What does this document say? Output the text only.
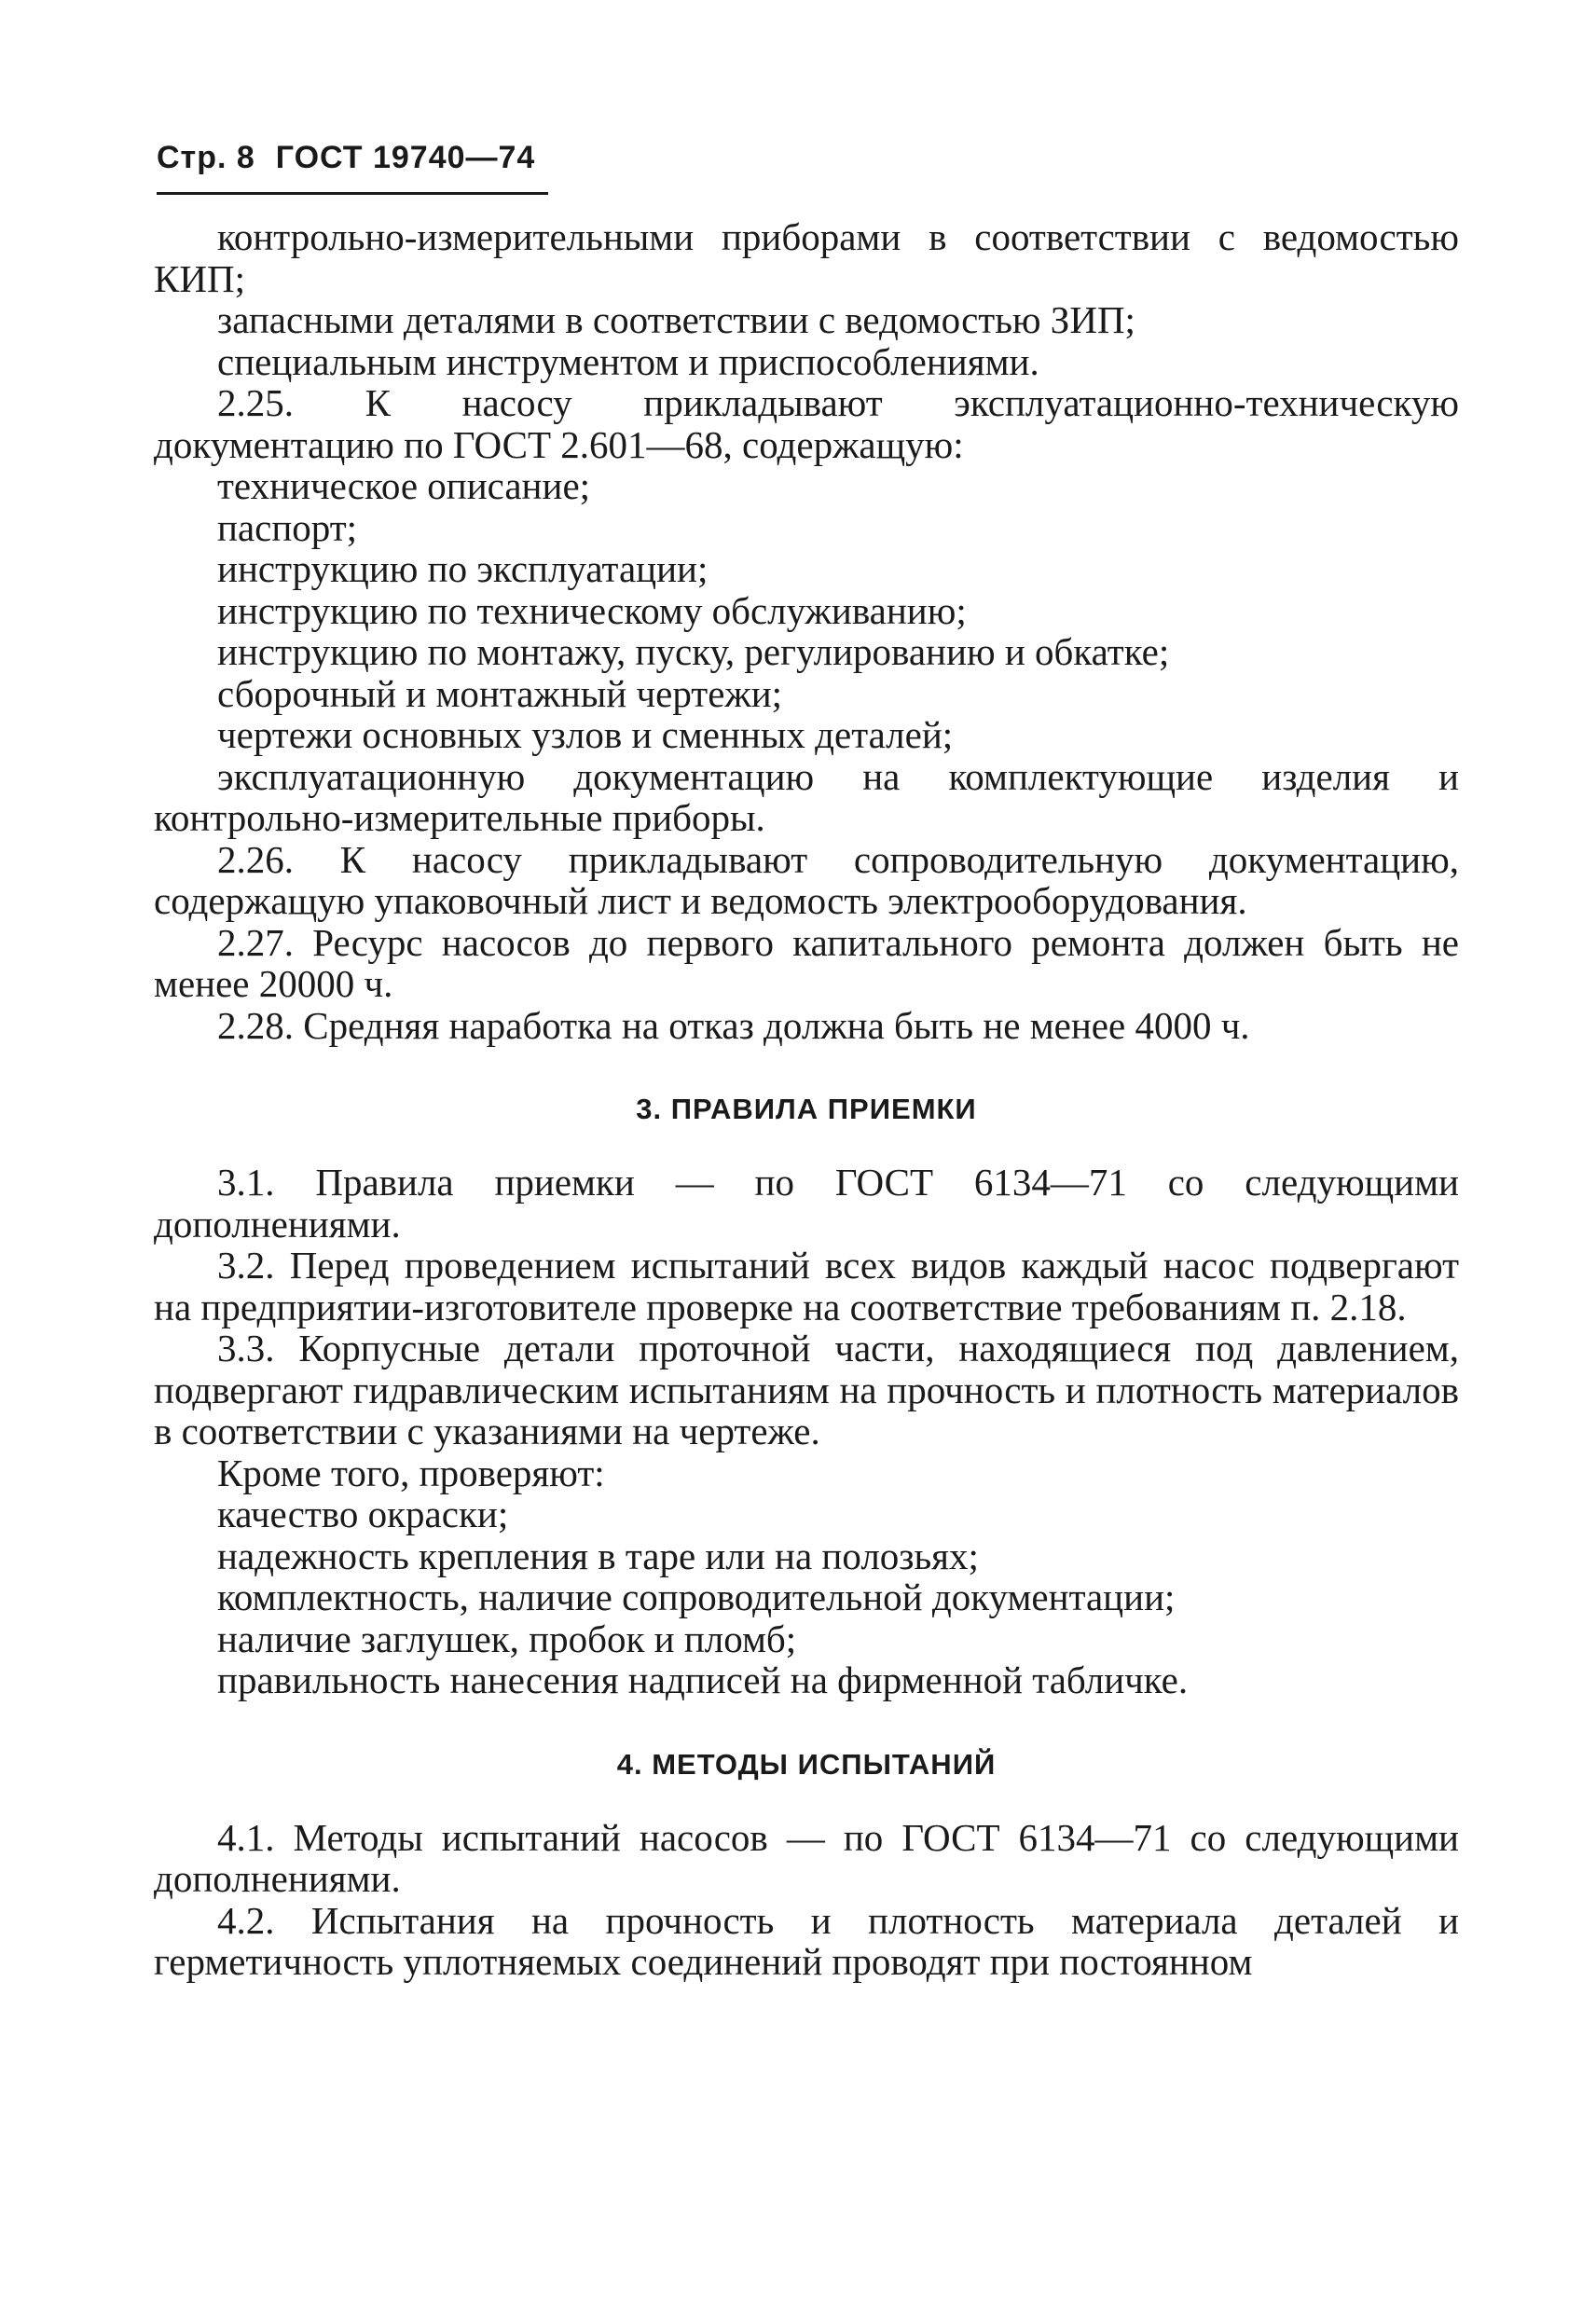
Стр. 8 ГОСТ 19740—74

контрольно-измерительными приборами в соответствии с ведомостью КИП;

запасными деталями в соответствии с ведомостью ЗИП;

специальным инструментом и приспособлениями.

2.25. К насосу прикладывают эксплуатационно-техническую документацию по ГОСТ 2.601—68, содержащую:

техническое описание;

паспорт;

инструкцию по эксплуатации;

инструкцию по техническому обслуживанию;

инструкцию по монтажу, пуску, регулированию и обкатке;

сборочный и монтажный чертежи;

чертежи основных узлов и сменных деталей;

эксплуатационную документацию на комплектующие изделия и контрольно-измерительные приборы.

2.26. К насосу прикладывают сопроводительную документацию, содержащую упаковочный лист и ведомость электрооборудования.

2.27. Ресурс насосов до первого капитального ремонта должен быть не менее 20000 ч.

2.28. Средняя наработка на отказ должна быть не менее 4000 ч.

3. ПРАВИЛА ПРИЕМКИ

3.1. Правила приемки — по ГОСТ 6134—71 со следующими дополнениями.

3.2. Перед проведением испытаний всех видов каждый насос подвергают на предприятии-изготовителе проверке на соответствие требованиям п. 2.18.

3.3. Корпусные детали проточной части, находящиеся под давлением, подвергают гидравлическим испытаниям на прочность и плотность материалов в соответствии с указаниями на чертеже.

Кроме того, проверяют:

качество окраски;

надежность крепления в таре или на полозьях;

комплектность, наличие сопроводительной документации;

наличие заглушек, пробок и пломб;

правильность нанесения надписей на фирменной табличке.

4. МЕТОДЫ ИСПЫТАНИЙ

4.1. Методы испытаний насосов — по ГОСТ 6134—71 со следующими дополнениями.

4.2. Испытания на прочность и плотность материала деталей и герметичность уплотняемых соединений проводят при постоянном
